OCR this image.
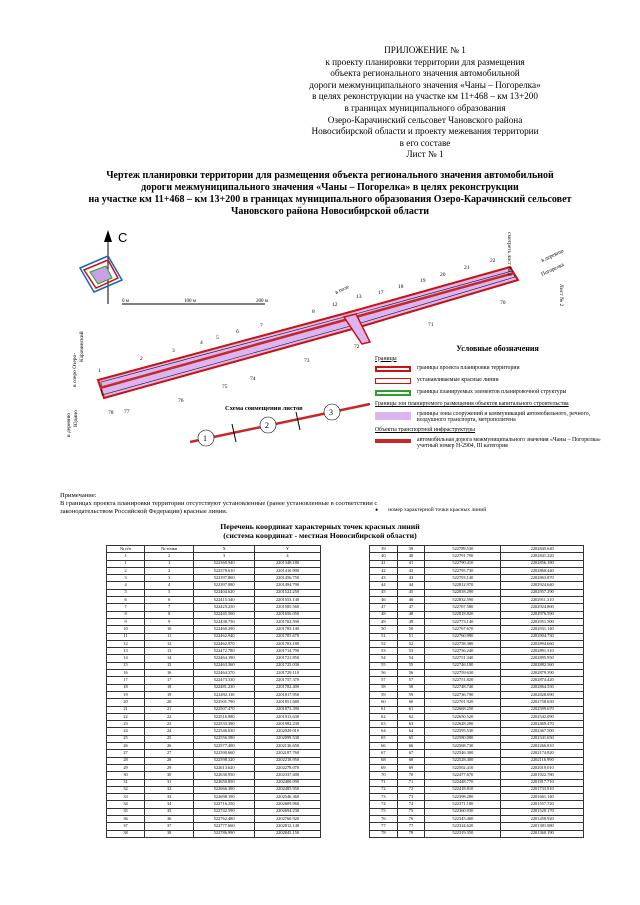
ПРИЛОЖЕНИЕ № 1
к проекту планировки территории для размещения
объекта регионального значения автомобильной
дороги межмуниципального значения «Чаны – Погорелка»
в целях реконструкции на участке км 11+468 – км 13+200
в границах муниципального образования
Озеро-Карачинский сельсовет Чановского района
Новосибирской области и проекту межевания территории
в его составе
Лист № 1
Чертеж планировки территории для размещения объекта регионального значения автомобильной
дороги межмуниципального значения «Чаны – Погорелка» в целях реконструкции
на участке км 11+468 – км 13+200 в границах муниципального образования Озеро-Карачинский сельсовет
Чановского района Новосибирской области
С
0 м	100 м	200 м
1
2
3
4
5
6
7
8
12
13
17
18
19
20
21
22
70
71
72
73
74
75
76
77
78
в озеро Озеро-
Карачинский
в деревню Юдино
в деревню
Погорелка
Лист № 2
смотреть лист № 2
в поле
Схема совмещения листов
1
2
3
Условные обозначения
Границы
границы проекта планировки территории
устанавливаемые красные линии
границы планируемых элементов планировочной структуры
Границы зон планируемого размещения объектов капитального строительства
границы зоны сооружений и коммуникаций автомобильного, речного, воздушного транспорта, метрополитена
Объекты транспортной инфраструктуры
автомобильная дорога межмуниципального значения «Чаны – Погорелка» учетный номер Н-2904, III категория
Примечание:
В границах проекта планировки территории отсутствуют установленные (ранее установленные в соответствии с законодательством Российской Федерации) красные линии.	• номер характерной точки красных линий
Перечень координат характерных точек красных линий
(система координат - местная Новосибирской области)
№ п/п	№ точки	X	Y
1	2	3	4
1	1	522360.940	2201348.180
2	2	522378.610	2201410.900
3	3	522397.860	2201456.750
4	4	522397.080	2201494.790
5	5	522404.620	2201522.250
6	6	522415.340	2201553.140
7	7	522425.250	2201585.560
8	8	522445.500	2201656.050
9	9	522438.750	2201702.590
10	10	522460.290	2201705.140
11	11	522462.940	2201705.670
12	12	522462.970	2201703.180
13	13	522472.780	2201714.790
14	14	522464.190	2201721.850
15	15	522463.360	2201725.030
16	16	522464.370	2201729.110
17	17	522473.330	2201757.370
18	18	522481.230	2201782.400
19	19	522492.110	2201817.950
20	20	522501.790	2201851.680
21	21	522507.470	2201873.390
22	22	522516.980	2201913.630
23	23	522533.390	2201982.230
24	24	522546.630	2202029.010
25	25	522556.580	2202099.530
26	26	522577.400	2202136.650
27	27	522590.660	2202187.760
28	28	522598.320	2202218.950
29	29	522613.620	2202278.070
30	30	522630.950	2202337.400
31	31	522650.850	2202400.090
32	32	522666.390	2202485.950
33	33	522698.190	2202546.360
34	34	522716.250	2202609.960
35	35	522742.590	2202694.230
36	36	522762.480	2202760.920
37	37	522777.660	2202812.140
38	38	522786.990	2202845.150
39	39	522789.530	2202845.640
40	40	522791.790	2202841.220
41	41	522790.410	2202856.180
42	42	522795.730	2202860.440
43	43	522793.140	2202863.870
44	44	522812.970	2202924.640
45	45	522818.290	2202957.290
46	46	522832.590	2202911.310
47	47	522767.580	2202924.860
48	48	522818.820	2202976.590
49	49	522773.140	2202951.500
50	50	522767.670	2202931.140
51	51	522760.980	2202904.730
52	52	522758.380	2202894.660
53	53	522756.240	2202891.310
54	54	522751.340	2202895.950
55	55	522746.180	2202882.560
56	56	522759.630	2202879.390
57	57	522751.820	2202874.420
58	58	522748.740	2202864.550
59	59	522736.790	2202828.690
60	60	522701.920	2202758.650
61	61	522668.250	2202599.670
62	62	522650.520	2202542.090
63	63	522628.200	2202469.470
64	64	522595.530	2202367.500
65	65	522580.080	2202341.650
66	66	522568.730	2202266.810
67	67	522546.300	2202174.820
68	68	522528.400	2202116.990
69	69	522502.410	2202019.010
70	70	522477.670	2201922.780
71	71	522448.770	2201817.710
72	72	522418.810	2201733.910
73	73	522398.280	2201661.140
74	74	522371.180	2201557.720
75	75	522360.930	2201520.170
76	76	522345.460	2201458.920
77	77	522324.620	2201381.080
78	78	522319.350	2201360.190
